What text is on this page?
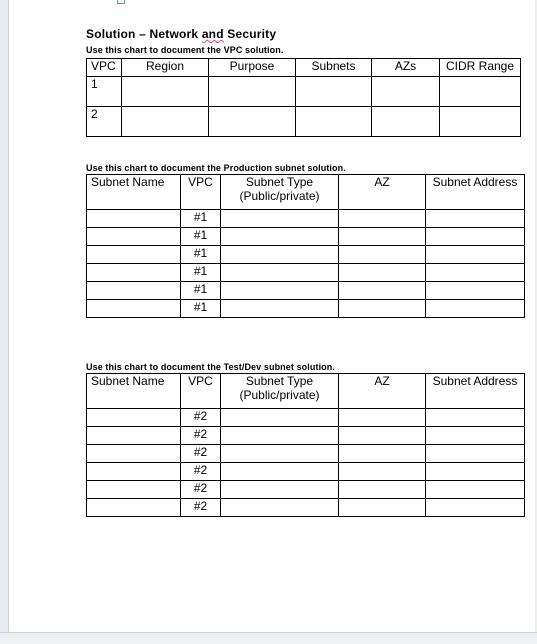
Solution – Network and Security
Use this chart to document the VPC solution.
VPC	Region	Purpose	Subnets	AZs	CIDR Range
1					
2					
Use this chart to document the Production subnet solution.
Subnet Name	VPC	Subnet Type (Public/private)	AZ	Subnet Address
	#1			
	#1			
	#1			
	#1			
	#1			
	#1			
Use this chart to document the Test/Dev subnet solution.
Subnet Name	VPC	Subnet Type (Public/private)	AZ	Subnet Address
	#2			
	#2			
	#2			
	#2			
	#2			
	#2			
